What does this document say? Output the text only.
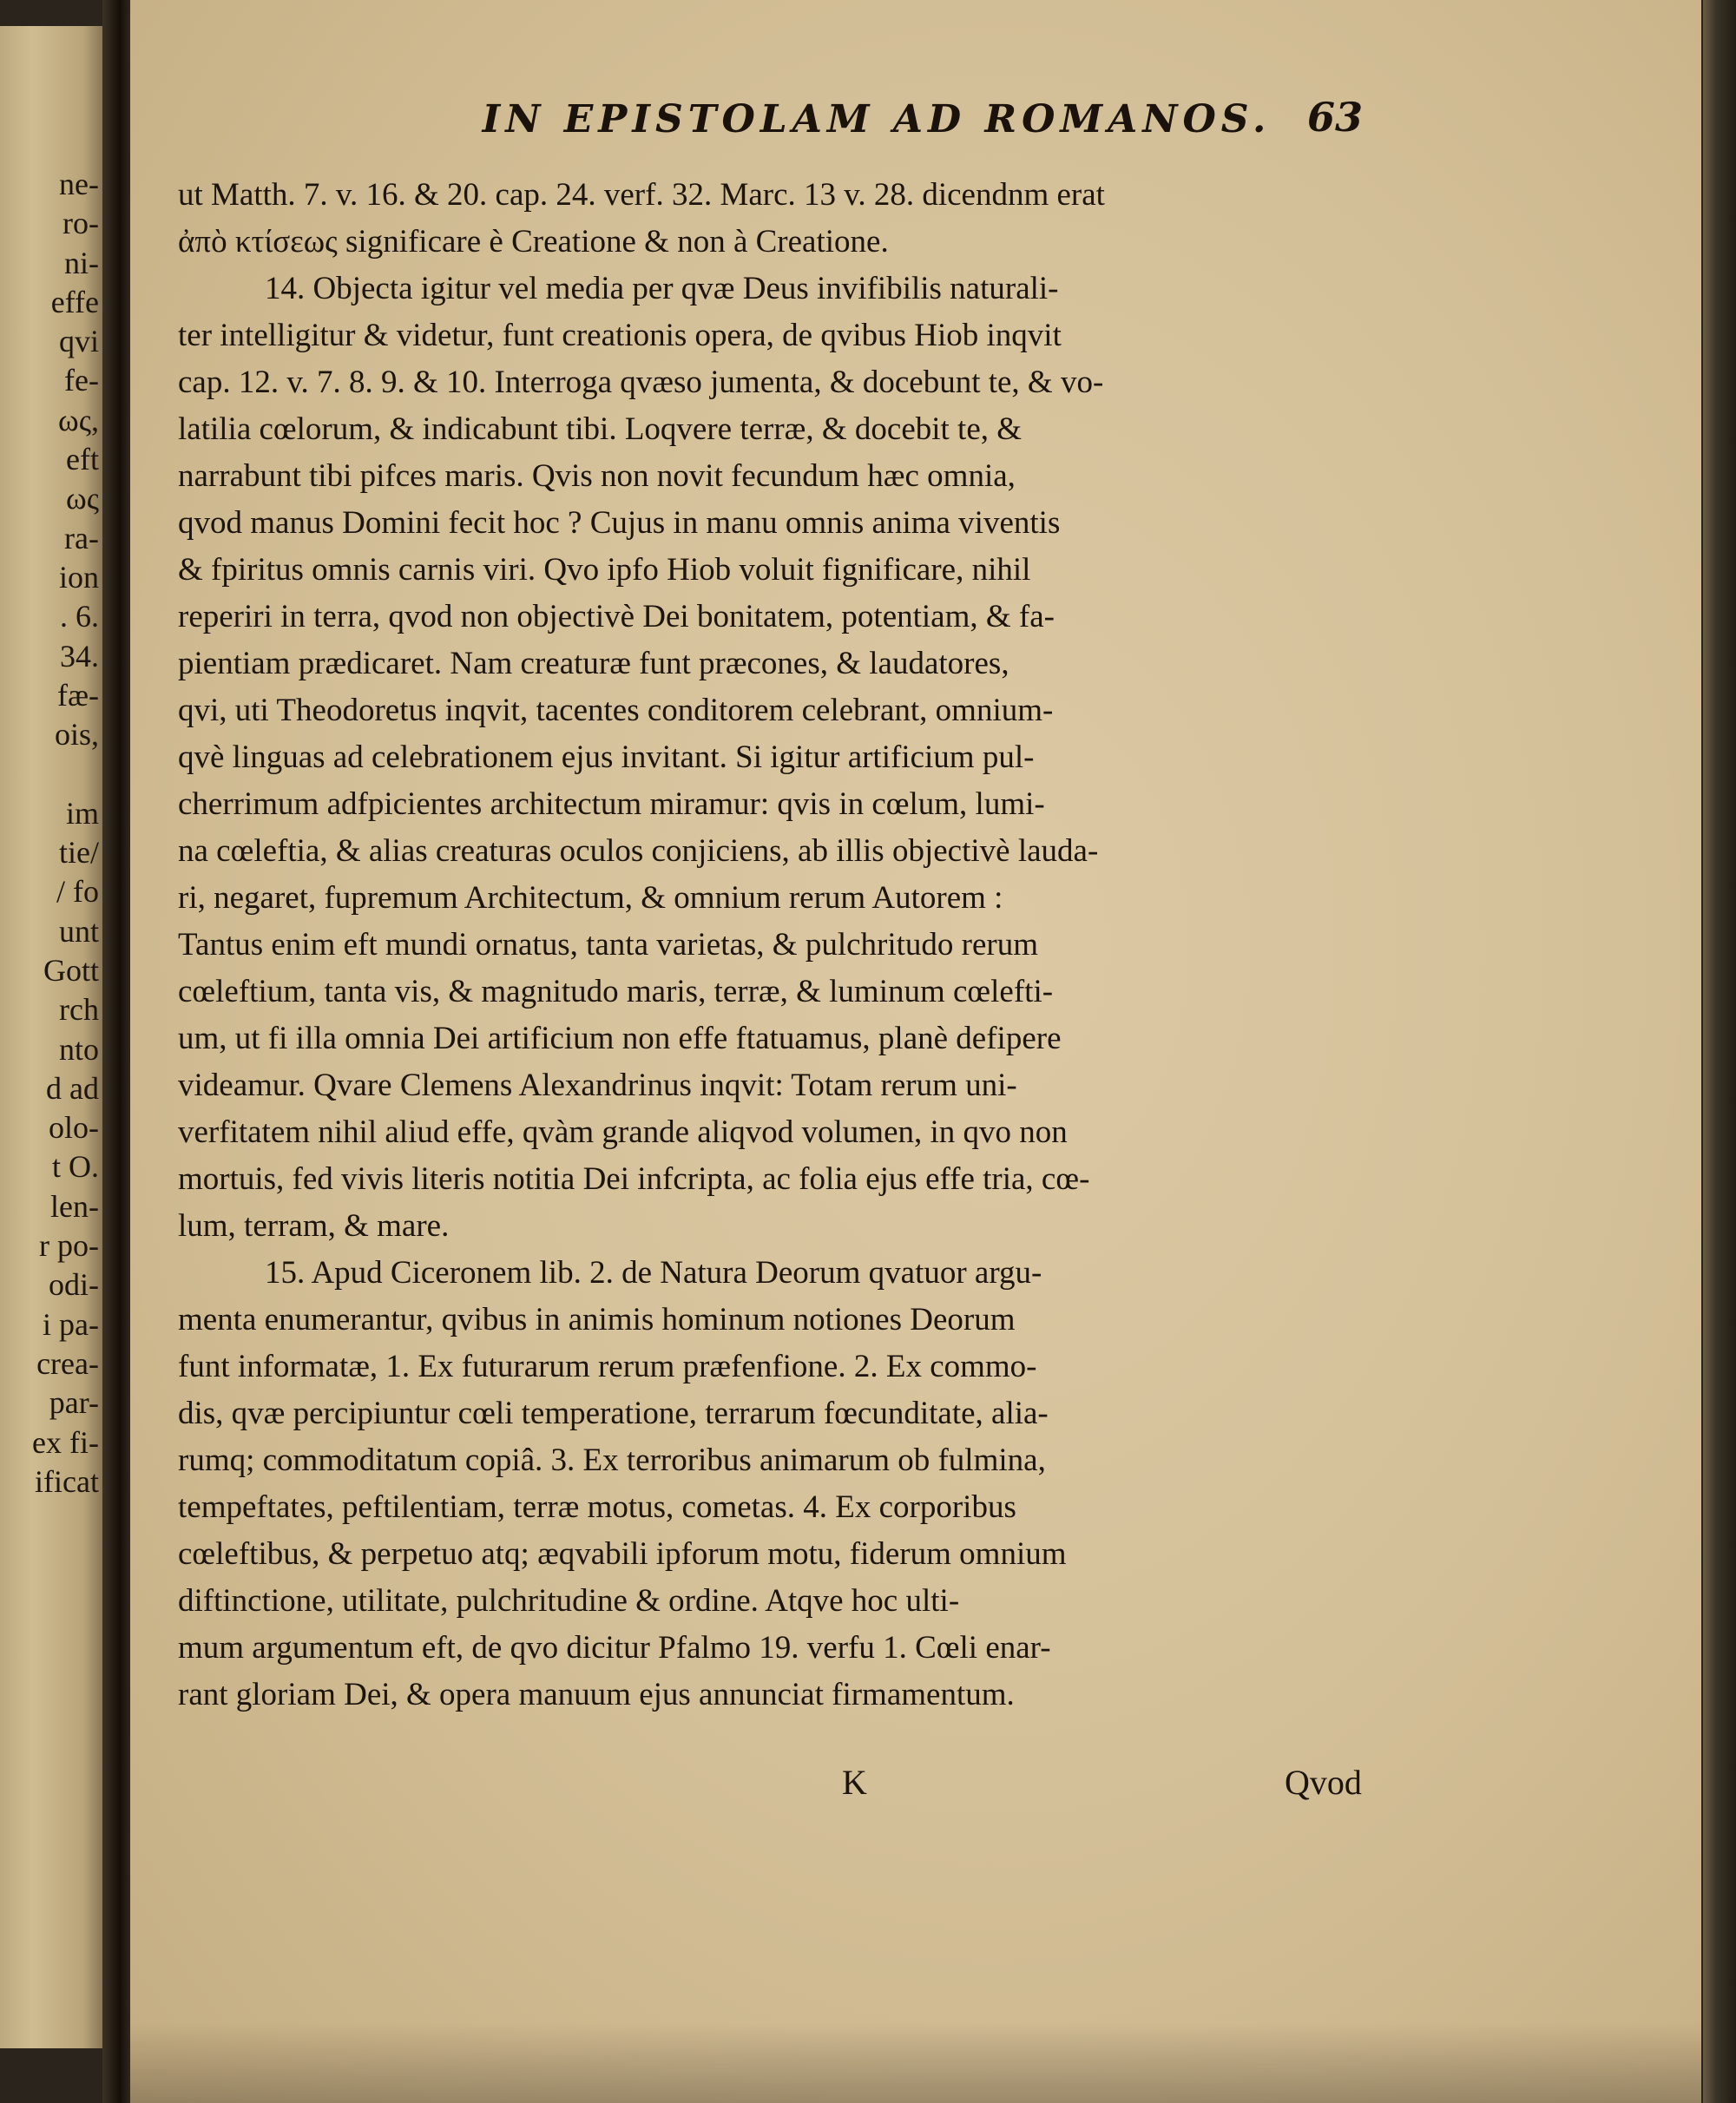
ne-
ro-
ni-
effe
qvi
fe-
ως,
eft
ως
ra-
ion
. 6.
34.
fæ-
ois,
im
tie/
/ fo
unt
Gott
rch
nto
d ad
olo-
t O.
len-
r po-
odi-
i pa-
crea-
par-
ex fi-
ificat
IN EPISTOLAM AD ROMANOS. 63
ut Matth. 7. v. 16. & 20. cap. 24. verf. 32. Marc. 13 v. 28. dicendnm erat
ἀπὸ κτίσεως significare è Creatione & non à Creatione.
14. Objecta igitur vel media per qvæ Deus invifibilis naturali-
ter intelligitur & videtur, funt creationis opera, de qvibus Hiob inqvit
cap. 12. v. 7. 8. 9. & 10. Interroga qvæso jumenta, & docebunt te, & vo-
latilia cœlorum, & indicabunt tibi. Loqvere terræ, & docebit te, &
narrabunt tibi pifces maris. Qvis non novit fecundum hæc omnia,
qvod manus Domini fecit hoc ? Cujus in manu omnis anima viventis
& fpiritus omnis carnis viri. Qvo ipfo Hiob voluit fignificare, nihil
reperiri in terra, qvod non objectivè Dei bonitatem, potentiam, & fa-
pientiam prædicaret. Nam creaturæ funt præcones, & laudatores,
qvi, uti Theodoretus inqvit, tacentes conditorem celebrant, omnium-
qvè linguas ad celebrationem ejus invitant. Si igitur artificium pul-
cherrimum adfpicientes architectum miramur: qvis in cœlum, lumi-
na cœleftia, & alias creaturas oculos conjiciens, ab illis objectivè lauda-
ri, negaret, fupremum Architectum, & omnium rerum Autorem :
Tantus enim eft mundi ornatus, tanta varietas, & pulchritudo rerum
cœleftium, tanta vis, & magnitudo maris, terræ, & luminum cœlefti-
um, ut fi illa omnia Dei artificium non effe ftatuamus, planè defipere
videamur. Qvare Clemens Alexandrinus inqvit: Totam rerum uni-
verfitatem nihil aliud effe, qvàm grande aliqvod volumen, in qvo non
mortuis, fed vivis literis notitia Dei infcripta, ac folia ejus effe tria, cœ-
lum, terram, & mare.
15. Apud Ciceronem lib. 2. de Natura Deorum qvatuor argu-
menta enumerantur, qvibus in animis hominum notiones Deorum
funt informatæ, 1. Ex futurarum rerum præfenfione. 2. Ex commo-
dis, qvæ percipiuntur cœli temperatione, terrarum fœcunditate, alia-
rumq; commoditatum copiâ. 3. Ex terroribus animarum ob fulmina,
tempeftates, peftilentiam, terræ motus, cometas. 4. Ex corporibus
cœleftibus, & perpetuo atq; æqvabili ipforum motu, fiderum omnium
diftinctione, utilitate, pulchritudine & ordine. Atqve hoc ulti-
mum argumentum eft, de qvo dicitur Pfalmo 19. verfu 1. Cœli enar-
rant gloriam Dei, & opera manuum ejus annunciat firmamentum.
K	Qvod
